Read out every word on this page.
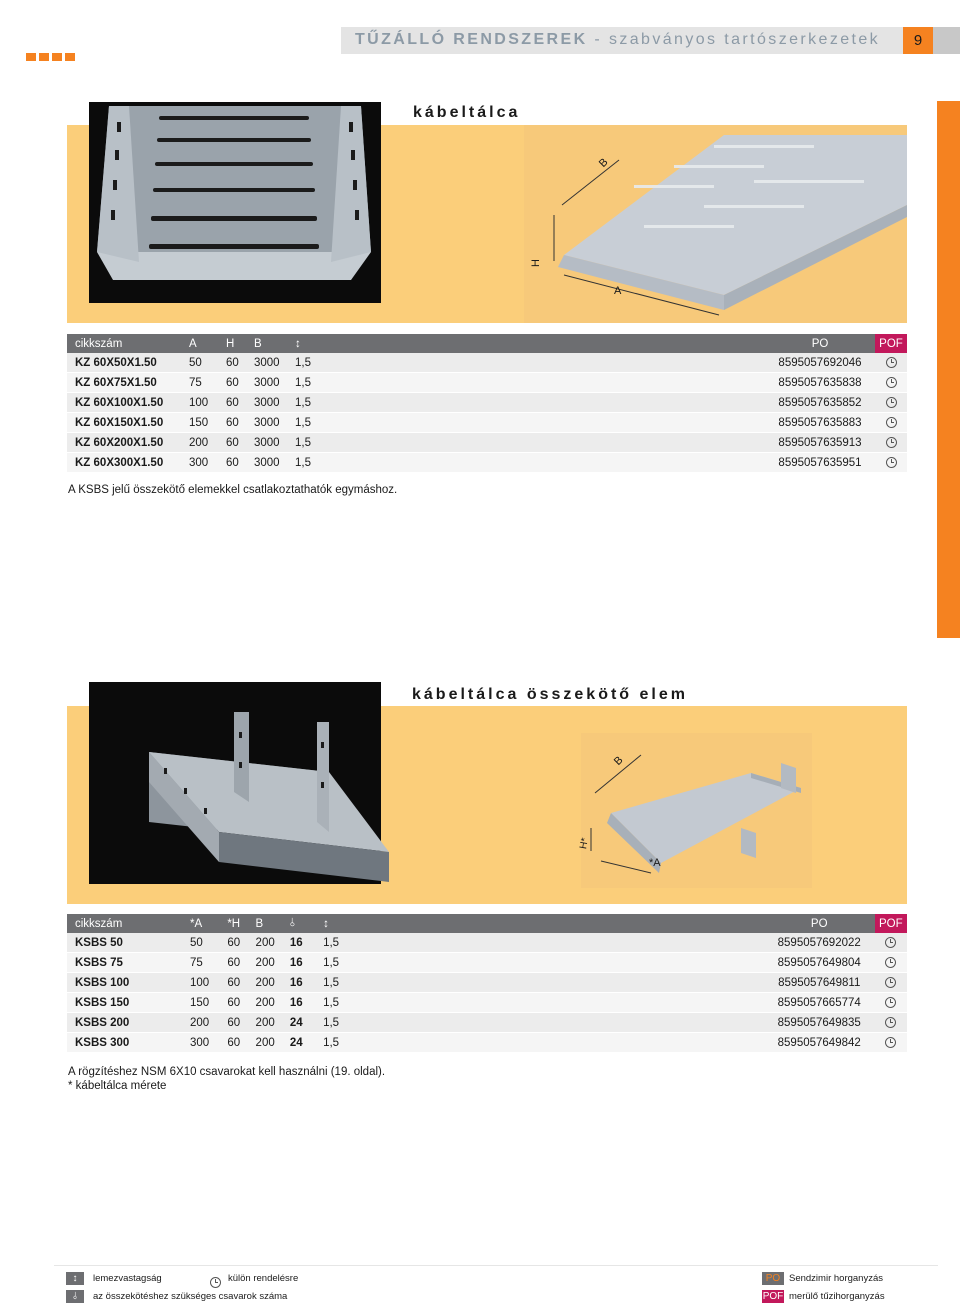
TŰZÁLLÓ RENDSZEREK - szabványos tartószerkezetek	9
kábeltálca
B
H
A
cikkszám	A	H	B	↕	PO	POF
KZ 60X50X1.50	50	60	3000	1,5	8595057692046	
KZ 60X75X1.50	75	60	3000	1,5	8595057635838	
KZ 60X100X1.50	100	60	3000	1,5	8595057635852	
KZ 60X150X1.50	150	60	3000	1,5	8595057635883	
KZ 60X200X1.50	200	60	3000	1,5	8595057635913	
KZ 60X300X1.50	300	60	3000	1,5	8595057635951	
A KSBS jelű összekötő elemekkel csatlakoztathatók egymáshoz.
kábeltálca összekötő elem
B
H*
*A
cikkszám	*A	*H	B	⫰	↕	PO	POF
KSBS 50	50	60	200	16	1,5	8595057692022	
KSBS 75	75	60	200	16	1,5	8595057649804	
KSBS 100	100	60	200	16	1,5	8595057649811	
KSBS 150	150	60	200	16	1,5	8595057665774	
KSBS 200	200	60	200	24	1,5	8595057649835	
KSBS 300	300	60	200	24	1,5	8595057649842	
A rögzítéshez NSM 6X10 csavarokat kell használni (19. oldal).
* kábeltálca mérete
↕	lemezvastagság
⫰	az összekötéshez szükséges csavarok száma
külön rendelésre	PO Sendzimir horganyzás
POF merülő tűzihorganyzás
